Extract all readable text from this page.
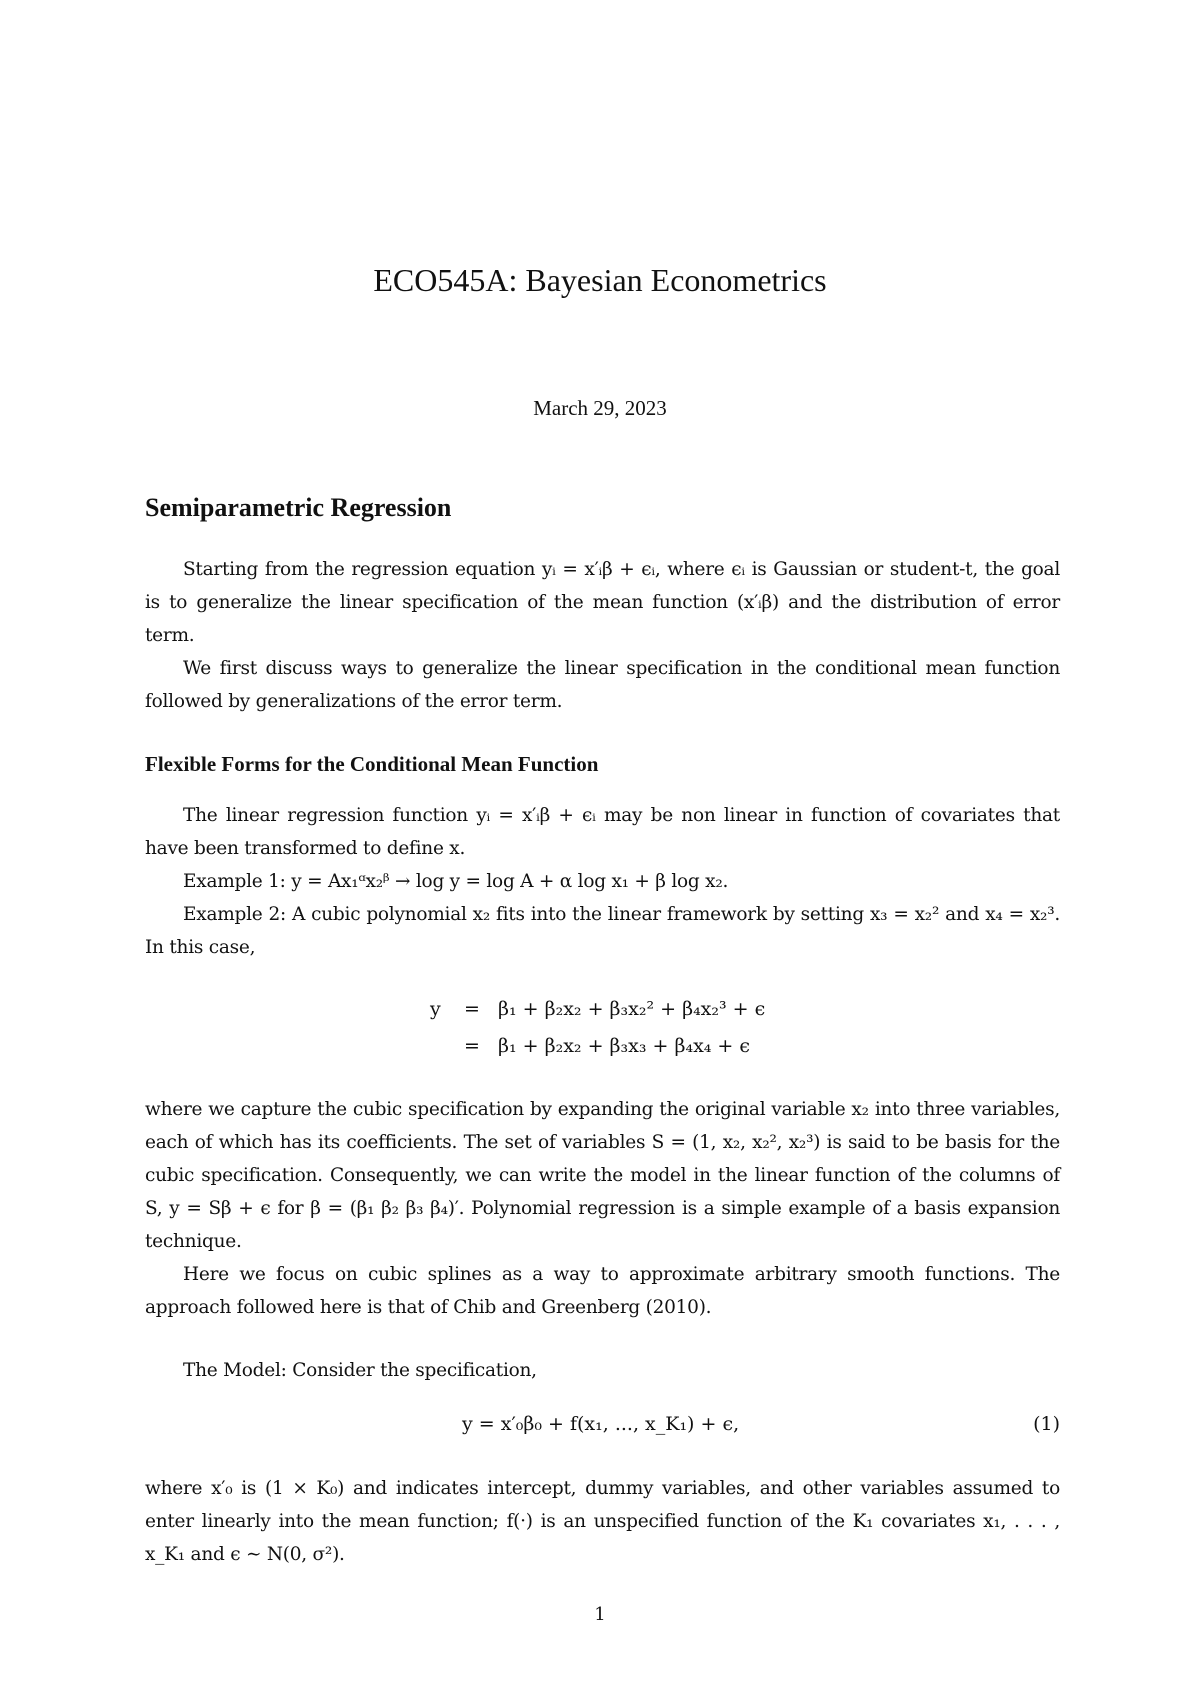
ECO545A: Bayesian Econometrics
March 29, 2023
Semiparametric Regression

Starting from the regression equation yᵢ = x′ᵢβ + ϵᵢ, where ϵᵢ is Gaussian or student-t, the goal is to generalize the linear specification of the mean function (x′ᵢβ) and the distribution of error term.

We first discuss ways to generalize the linear specification in the conditional mean function followed by generalizations of the error term.

Flexible Forms for the Conditional Mean Function

The linear regression function yᵢ = x′ᵢβ + ϵᵢ may be non linear in function of covariates that have been transformed to define x.

Example 1: y = Ax₁ᵅx₂ᵝ → log y = log A + α log x₁ + β log x₂.

Example 2: A cubic polynomial x₂ fits into the linear framework by setting x₃ = x₂² and x₄ = x₂³. In this case,

y = β₁ + β₂x₂ + β₃x₂² + β₄x₂³ + ϵ
= β₁ + β₂x₂ + β₃x₃ + β₄x₄ + ϵ

where we capture the cubic specification by expanding the original variable x₂ into three variables, each of which has its coefficients. The set of variables S = (1, x₂, x₂², x₂³) is said to be basis for the cubic specification. Consequently, we can write the model in the linear function of the columns of S, y = Sβ + ϵ for β = (β₁ β₂ β₃ β₄)′. Polynomial regression is a simple example of a basis expansion technique.

Here we focus on cubic splines as a way to approximate arbitrary smooth functions. The approach followed here is that of Chib and Greenberg (2010).

The Model: Consider the specification,

y = x′₀β₀ + f(x₁, ..., x_K₁) + ϵ,	(1)

where x′₀ is (1 × K₀) and indicates intercept, dummy variables, and other variables assumed to enter linearly into the mean function; f(·) is an unspecified function of the K₁ covariates x₁, . . . , x_K₁ and ϵ ∼ N(0, σ²).

1
